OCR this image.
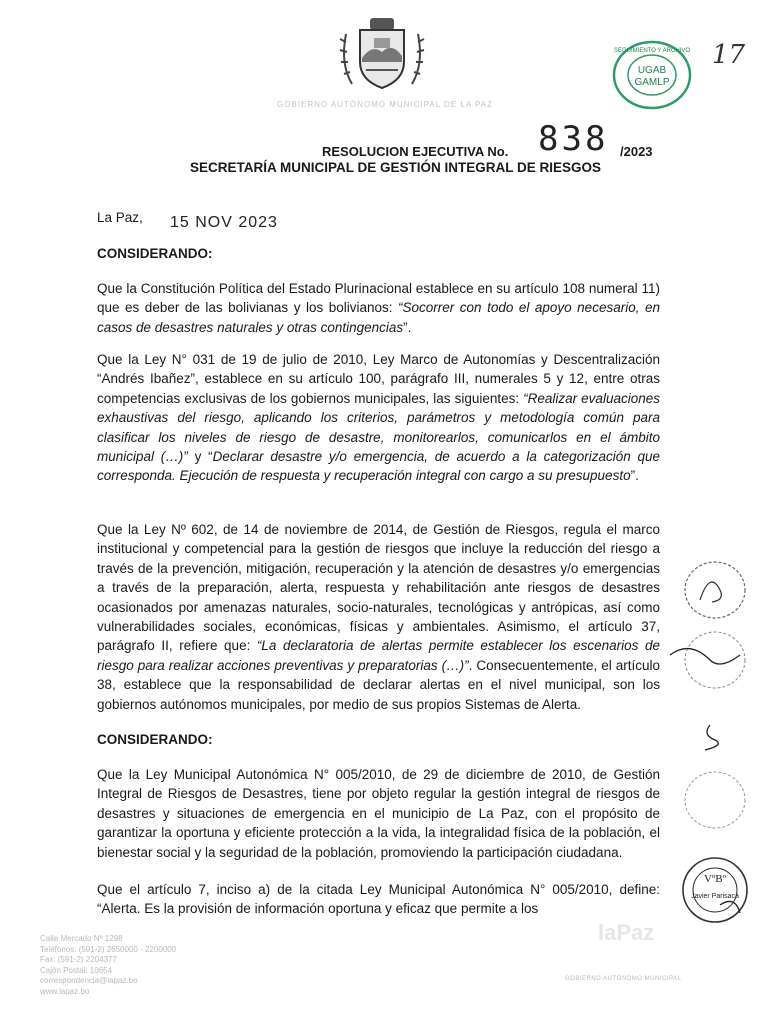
GOBIERNO AUTÓNOMO MUNICIPAL DE LA PAZ
UGAB
GAMLP
SEGUIMIENTO Y ARCHIVO 17
RESOLUCION EJECUTIVA No. 838 /2023
SECRETARÍA MUNICIPAL DE GESTIÓN INTEGRAL DE RIESGOS
La Paz, 15 NOV 2023
CONSIDERANDO:
Que la Constitución Política del Estado Plurinacional establece en su artículo 108 numeral 11) que es deber de las bolivianas y los bolivianos: “Socorrer con todo el apoyo necesario, en casos de desastres naturales y otras contingencias”.
Que la Ley N° 031 de 19 de julio de 2010, Ley Marco de Autonomías y Descentralización “Andrés Ibañez”, establece en su artículo 100, parágrafo III, numerales 5 y 12, entre otras competencias exclusivas de los gobiernos municipales, las siguientes: “Realizar evaluaciones exhaustivas del riesgo, aplicando los criterios, parámetros y metodología común para clasificar los niveles de riesgo de desastre, monitorearlos, comunicarlos en el ámbito municipal (…)” y “Declarar desastre y/o emergencia, de acuerdo a la categorización que corresponda. Ejecución de respuesta y recuperación integral con cargo a su presupuesto”.
Que la Ley Nº 602, de 14 de noviembre de 2014, de Gestión de Riesgos, regula el marco institucional y competencial para la gestión de riesgos que incluye la reducción del riesgo a través de la prevención, mitigación, recuperación y la atención de desastres y/o emergencias a través de la preparación, alerta, respuesta y rehabilitación ante riesgos de desastres ocasionados por amenazas naturales, socio-naturales, tecnológicas y antrópicas, así como vulnerabilidades sociales, económicas, físicas y ambientales. Asimismo, el artículo 37, parágrafo II, refiere que: “La declaratoria de alertas permite establecer los escenarios de riesgo para realizar acciones preventivas y preparatorias (…)”. Consecuentemente, el artículo 38, establece que la responsabilidad de declarar alertas en el nivel municipal, son los gobiernos autónomos municipales, por medio de sus propios Sistemas de Alerta.
CONSIDERANDO:
Que la Ley Municipal Autonómica N° 005/2010, de 29 de diciembre de 2010, de Gestión Integral de Riesgos de Desastres, tiene por objeto regular la gestión integral de riesgos de desastres y situaciones de emergencia en el municipio de La Paz, con el propósito de garantizar la oportuna y eficiente protección a la vida, la integralidad física de la población, el bienestar social y la seguridad de la población, promoviendo la participación ciudadana.
Que el artículo 7, inciso a) de la citada Ley Municipal Autonómica N° 005/2010, define: “Alerta. Es la provisión de información oportuna y eficaz que permite a los
VºBº
Javier Parisaca
laPaz
Calle Mercado Nº 1298
Teléfonos: (591-2) 2650000 - 2200000
Fax: (591-2) 2204377
Cajón Postal: 10654
correspondencia@lapaz.bo
www.lapaz.bo
GOBIERNO AUTÓNOMO MUNICIPAL
